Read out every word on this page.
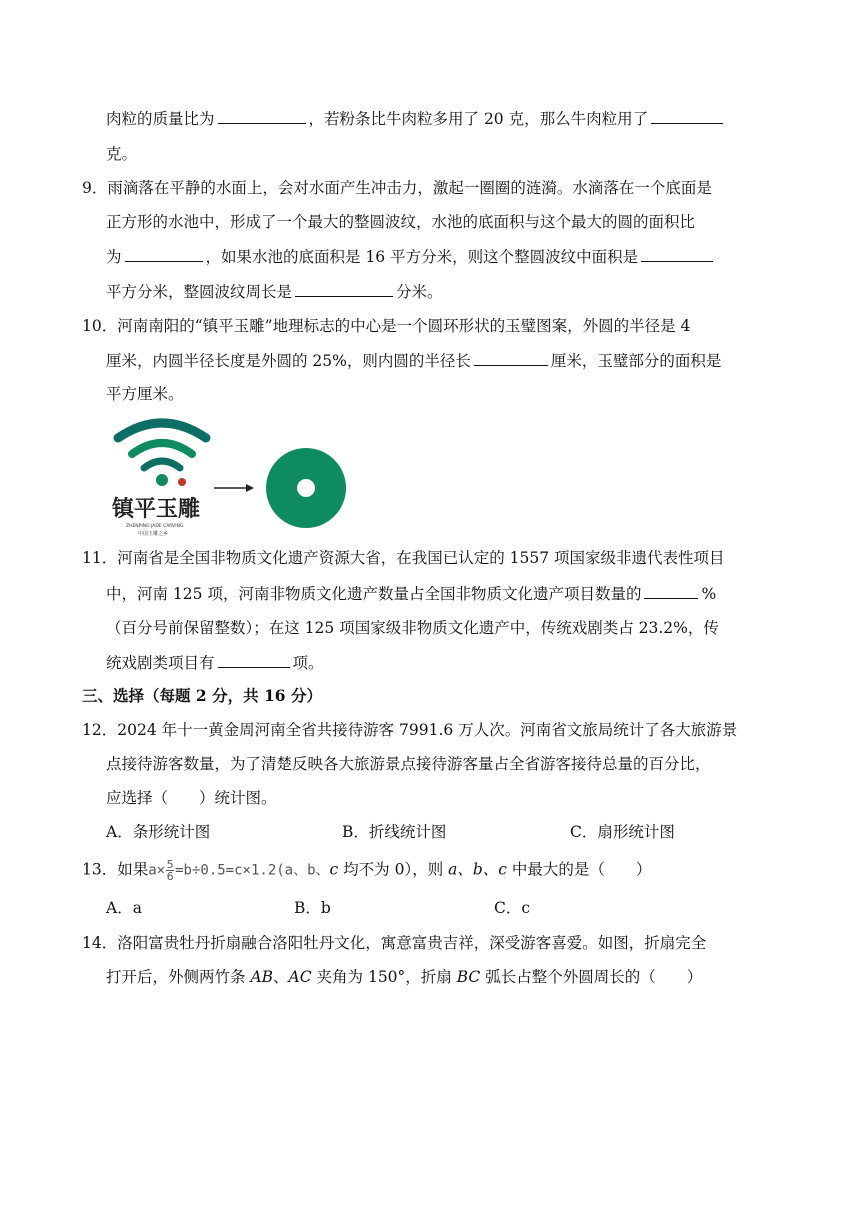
肉粒的质量比为	，若粉条比牛肉粒多用了 20 克，那么牛肉粒用了
克。
9．雨滴落在平静的水面上，会对水面产生冲击力，激起一圈圈的涟漪。水滴落在一个底面是
正方形的水池中，形成了一个最大的整圆波纹，水池的底面积与这个最大的圆的面积比
为	，如果水池的底面积是 16 平方分米，则这个整圆波纹中面积是
平方分米，整圆波纹周长是	分米。
10．河南南阳的“镇平玉雕”地理标志的中心是一个圆环形状的玉璧图案，外圆的半径是 4
厘米，内圆半径长度是外圆的 25%，则内圆的半径长	厘米，玉璧部分的面积是
平方厘米。
镇平玉雕
ZHENPING JADE CARVING
中国玉雕之乡
11．河南省是全国非物质文化遗产资源大省，在我国已认定的 1557 项国家级非遗代表性项目
中，河南 125 项，河南非物质文化遗产数量占全国非物质文化遗产项目数量的	%
（百分号前保留整数）；在这 125 项国家级非物质文化遗产中，传统戏剧类占 23.2%，传
统戏剧类项目有	项。
三、选择（每题 2 分，共 16 分）
12．2024 年十一黄金周河南全省共接待游客 7991.6 万人次。河南省文旅局统计了各大旅游景
点接待游客数量，为了清楚反映各大旅游景点接待游客量占全省游客接待总量的百分比，
应选择（　　）统计图。
A．条形统计图	B．折线统计图	C．扇形统计图
13．如果$a\times \frac{5}{6} =b\div 0.5=c\times 1.2(a$、b、c 均不为 0），则 a、b、c 中最大的是（　　）
A．a	B．b	C．c
14．洛阳富贵牡丹折扇融合洛阳牡丹文化，寓意富贵吉祥，深受游客喜爱。如图，折扇完全
打开后，外侧两竹条 AB、AC 夹角为 150°，折扇 BC 弧长占整个外圆周长的（　　）
